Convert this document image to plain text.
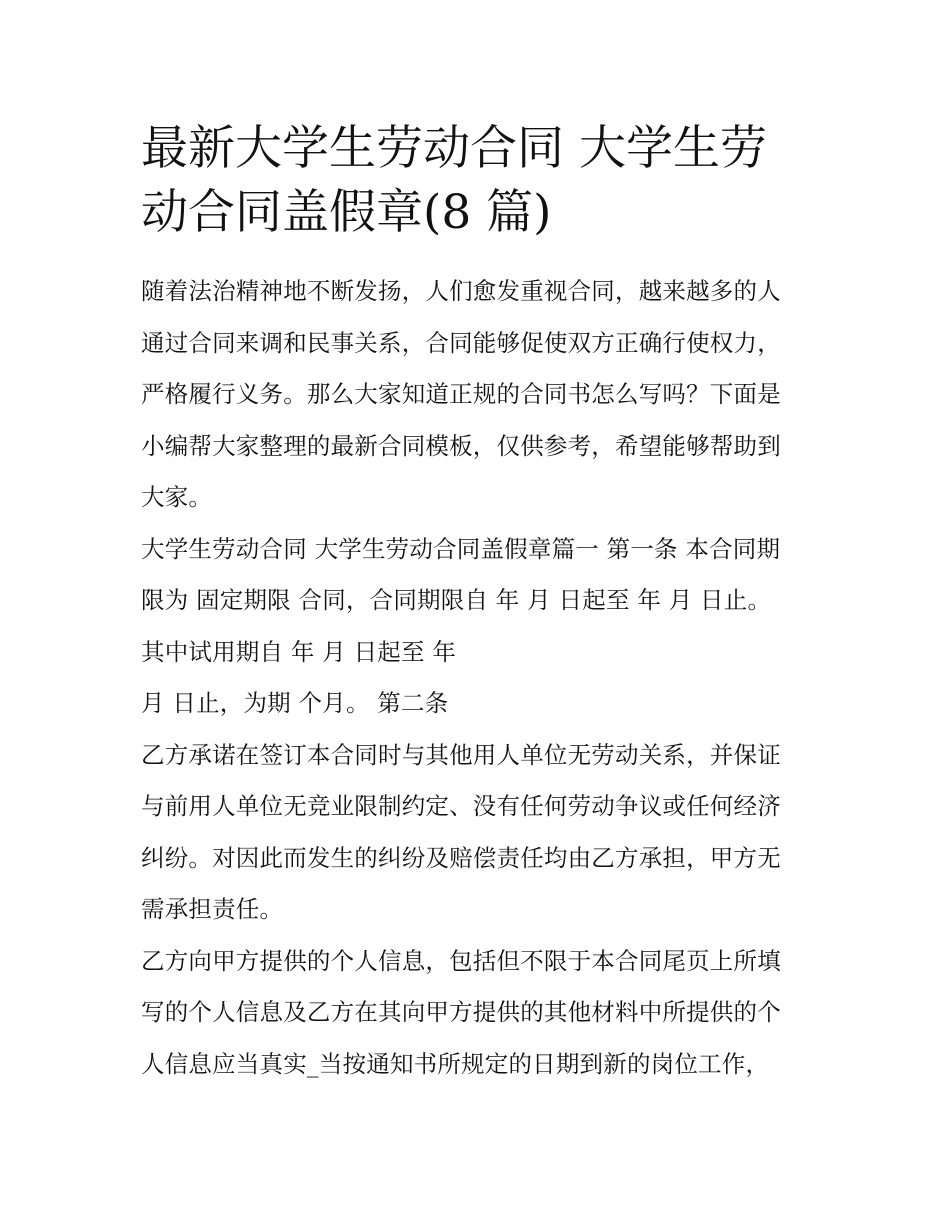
最新大学生劳动合同 大学生劳
动合同盖假章(8 篇)
随着法治精神地不断发扬，人们愈发重视合同，越来越多的人
通过合同来调和民事关系，合同能够促使双方正确行使权力，
严格履行义务。那么大家知道正规的合同书怎么写吗？下面是
小编帮大家整理的最新合同模板，仅供参考，希望能够帮助到
大家。
大学生劳动合同 大学生劳动合同盖假章篇一 第一条 本合同期
限为 固定期限 合同，合同期限自 年 月 日起至 年 月 日止。
其中试用期自 年 月 日起至 年
月 日止，为期 个月。 第二条
乙方承诺在签订本合同时与其他用人单位无劳动关系，并保证
与前用人单位无竞业限制约定、没有任何劳动争议或任何经济
纠纷。对因此而发生的纠纷及赔偿责任均由乙方承担，甲方无
需承担责任。
乙方向甲方提供的个人信息，包括但不限于本合同尾页上所填
写的个人信息及乙方在其向甲方提供的其他材料中所提供的个
人信息应当真实_当按通知书所规定的日期到新的岗位工作，
